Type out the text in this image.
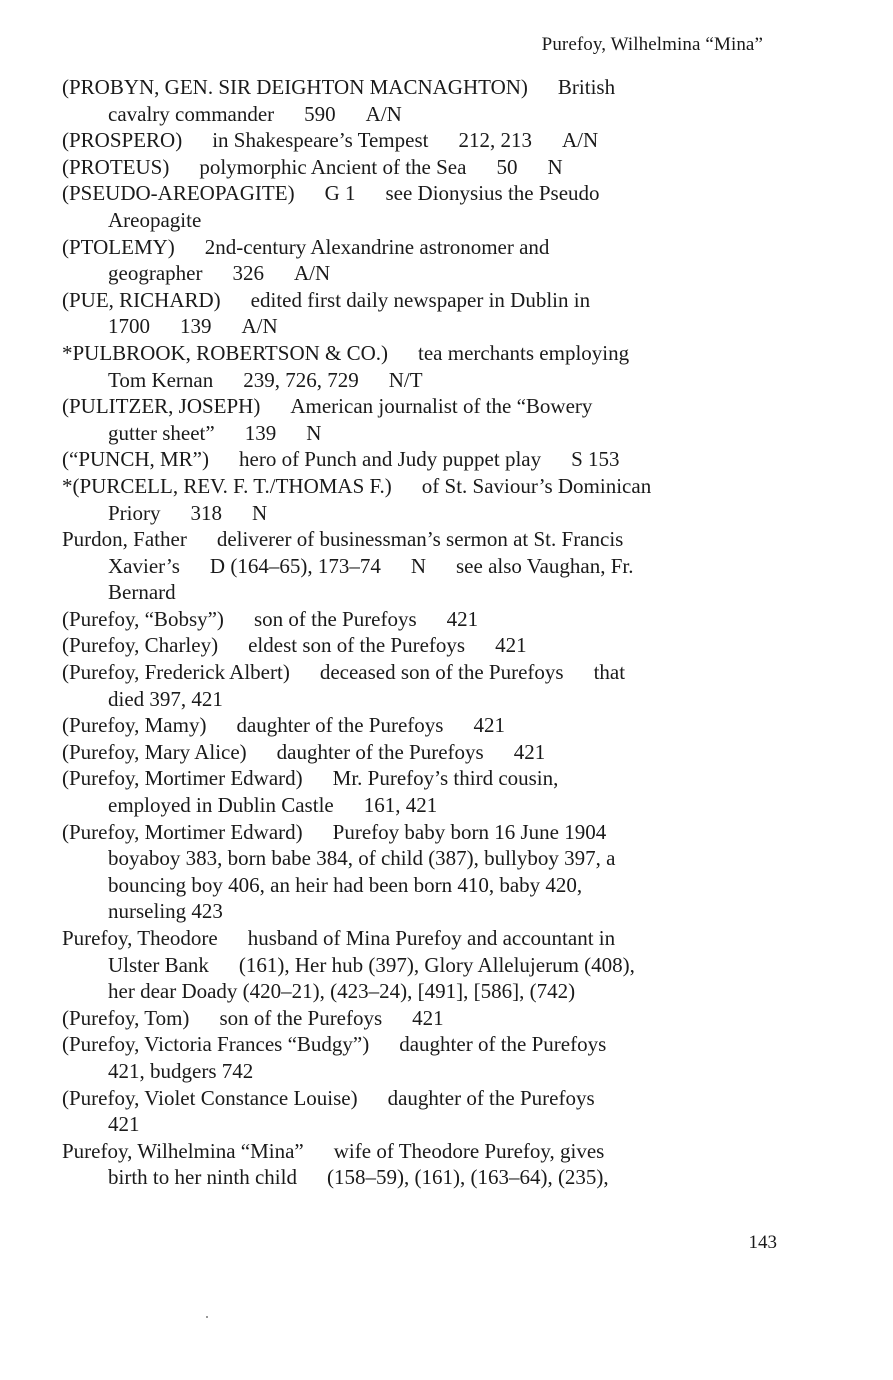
Purefoy, Wilhelmina “Mina”
(PROBYN, GEN. SIR DEIGHTON MACNAGHTON) British
cavalry commander 590 A/N
(PROSPERO) in Shakespeare’s Tempest 212, 213 A/N
(PROTEUS) polymorphic Ancient of the Sea 50 N
(PSEUDO-AREOPAGITE) G 1 see Dionysius the Pseudo
Areopagite
(PTOLEMY) 2nd-century Alexandrine astronomer and
geographer 326 A/N
(PUE, RICHARD) edited first daily newspaper in Dublin in
1700 139 A/N
*PULBROOK, ROBERTSON & CO.) tea merchants employing
Tom Kernan 239, 726, 729 N/T
(PULITZER, JOSEPH) American journalist of the “Bowery
gutter sheet” 139 N
(“PUNCH, MR”) hero of Punch and Judy puppet play S 153
*(PURCELL, REV. F. T./THOMAS F.) of St. Saviour’s Dominican
Priory 318 N
Purdon, Father deliverer of businessman’s sermon at St. Francis
Xavier’s D (164–65), 173–74 N see also Vaughan, Fr.
Bernard
(Purefoy, “Bobsy”) son of the Purefoys 421
(Purefoy, Charley) eldest son of the Purefoys 421
(Purefoy, Frederick Albert) deceased son of the Purefoys that
died 397, 421
(Purefoy, Mamy) daughter of the Purefoys 421
(Purefoy, Mary Alice) daughter of the Purefoys 421
(Purefoy, Mortimer Edward) Mr. Purefoy’s third cousin,
employed in Dublin Castle 161, 421
(Purefoy, Mortimer Edward) Purefoy baby born 16 June 1904
boyaboy 383, born babe 384, of child (387), bullyboy 397, a
bouncing boy 406, an heir had been born 410, baby 420,
nurseling 423
Purefoy, Theodore husband of Mina Purefoy and accountant in
Ulster Bank (161), Her hub (397), Glory Allelujerum (408),
her dear Doady (420–21), (423–24), [491], [586], (742)
(Purefoy, Tom) son of the Purefoys 421
(Purefoy, Victoria Frances “Budgy”) daughter of the Purefoys
421, budgers 742
(Purefoy, Violet Constance Louise) daughter of the Purefoys
421
Purefoy, Wilhelmina “Mina” wife of Theodore Purefoy, gives
birth to her ninth child (158–59), (161), (163–64), (235),
143
